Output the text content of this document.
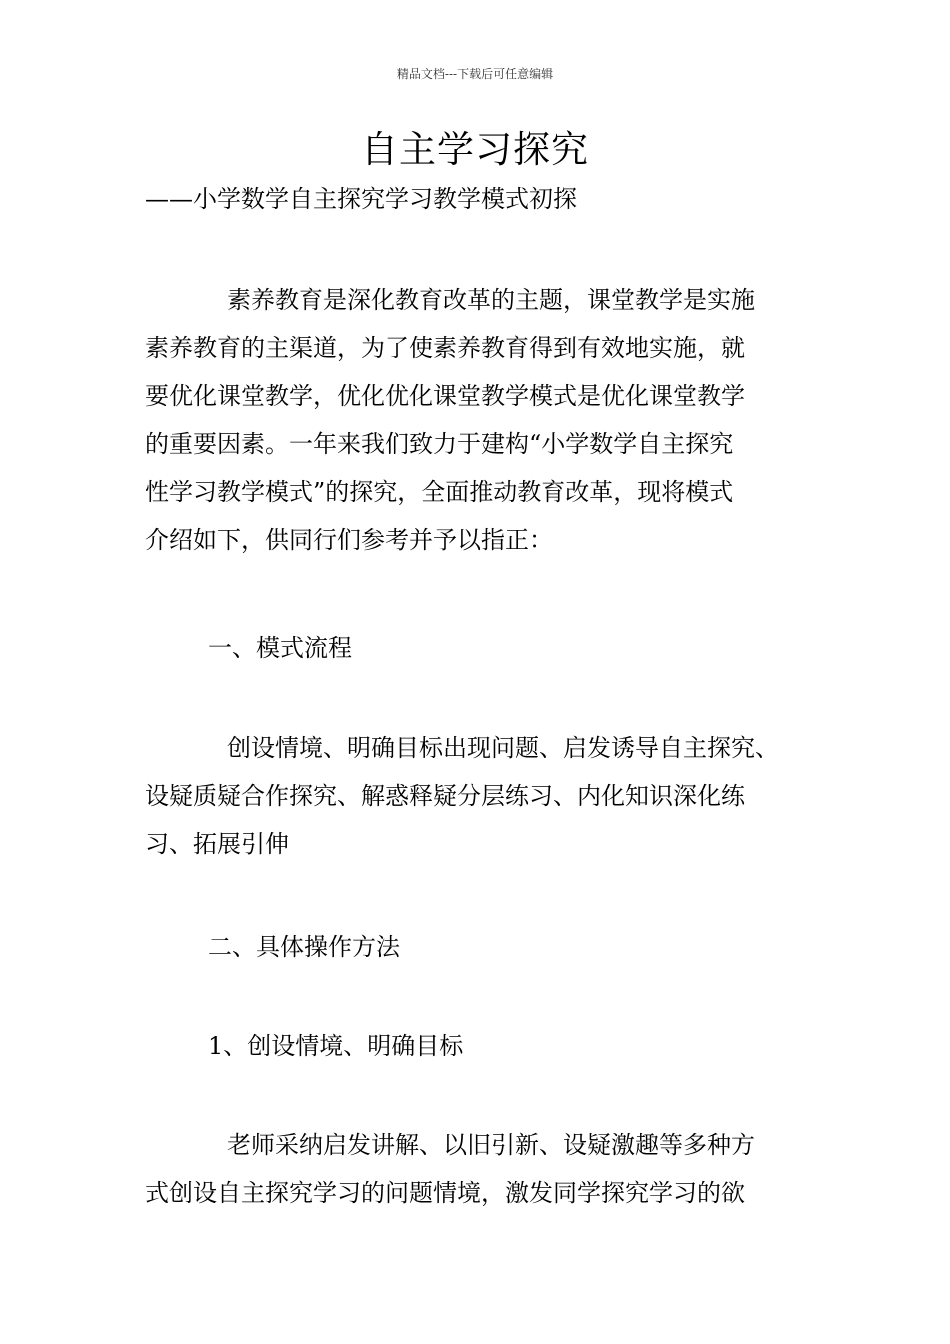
精品文档---下载后可任意编辑
自主学习探究
——小学数学自主探究学习教学模式初探
素养教育是深化教育改革的主题，课堂教学是实施
素养教育的主渠道，为了使素养教育得到有效地实施，就
要优化课堂教学，优化优化课堂教学模式是优化课堂教学
的重要因素。一年来我们致力于建构“小学数学自主探究
性学习教学模式”的探究，全面推动教育改革，现将模式
介绍如下，供同行们参考并予以指正：
一、模式流程
创设情境、明确目标出现问题、启发诱导自主探究、
设疑质疑合作探究、解惑释疑分层练习、内化知识深化练
习、拓展引伸
二、具体操作方法
1、创设情境、明确目标
老师采纳启发讲解、以旧引新、设疑激趣等多种方
式创设自主探究学习的问题情境，激发同学探究学习的欲
